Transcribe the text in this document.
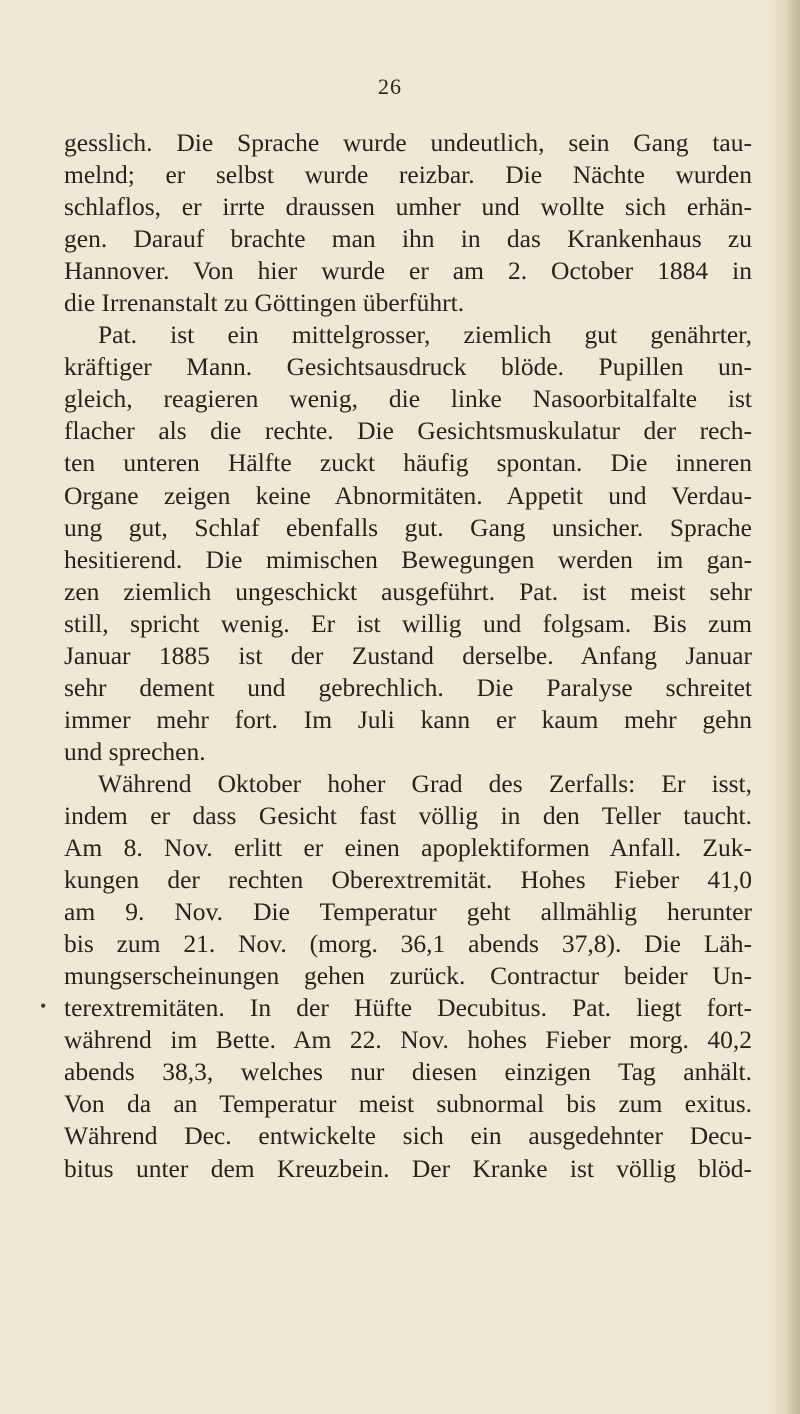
26
•
gesslich. Die Sprache wurde undeutlich, sein Gang tau-
melnd; er selbst wurde reizbar. Die Nächte wurden
schlaflos, er irrte draussen umher und wollte sich erhän-
gen. Darauf brachte man ihn in das Krankenhaus zu
Hannover. Von hier wurde er am 2. October 1884 in
die Irrenanstalt zu Göttingen überführt.
Pat. ist ein mittelgrosser, ziemlich gut genährter,
kräftiger Mann. Gesichtsausdruck blöde. Pupillen un-
gleich, reagieren wenig, die linke Nasoorbitalfalte ist
flacher als die rechte. Die Gesichtsmuskulatur der rech-
ten unteren Hälfte zuckt häufig spontan. Die inneren
Organe zeigen keine Abnormitäten. Appetit und Verdau-
ung gut, Schlaf ebenfalls gut. Gang unsicher. Sprache
hesitierend. Die mimischen Bewegungen werden im gan-
zen ziemlich ungeschickt ausgeführt. Pat. ist meist sehr
still, spricht wenig. Er ist willig und folgsam. Bis zum
Januar 1885 ist der Zustand derselbe. Anfang Januar
sehr dement und gebrechlich. Die Paralyse schreitet
immer mehr fort. Im Juli kann er kaum mehr gehn
und sprechen.
Während Oktober hoher Grad des Zerfalls: Er isst,
indem er dass Gesicht fast völlig in den Teller taucht.
Am 8. Nov. erlitt er einen apoplektiformen Anfall. Zuk-
kungen der rechten Oberextremität. Hohes Fieber 41,0
am 9. Nov. Die Temperatur geht allmählig herunter
bis zum 21. Nov. (morg. 36,1 abends 37,8). Die Läh-
mungserscheinungen gehen zurück. Contractur beider Un-
terextremitäten. In der Hüfte Decubitus. Pat. liegt fort-
während im Bette. Am 22. Nov. hohes Fieber morg. 40,2
abends 38,3, welches nur diesen einzigen Tag anhält.
Von da an Temperatur meist subnormal bis zum exitus.
Während Dec. entwickelte sich ein ausgedehnter Decu-
bitus unter dem Kreuzbein. Der Kranke ist völlig blöd-
